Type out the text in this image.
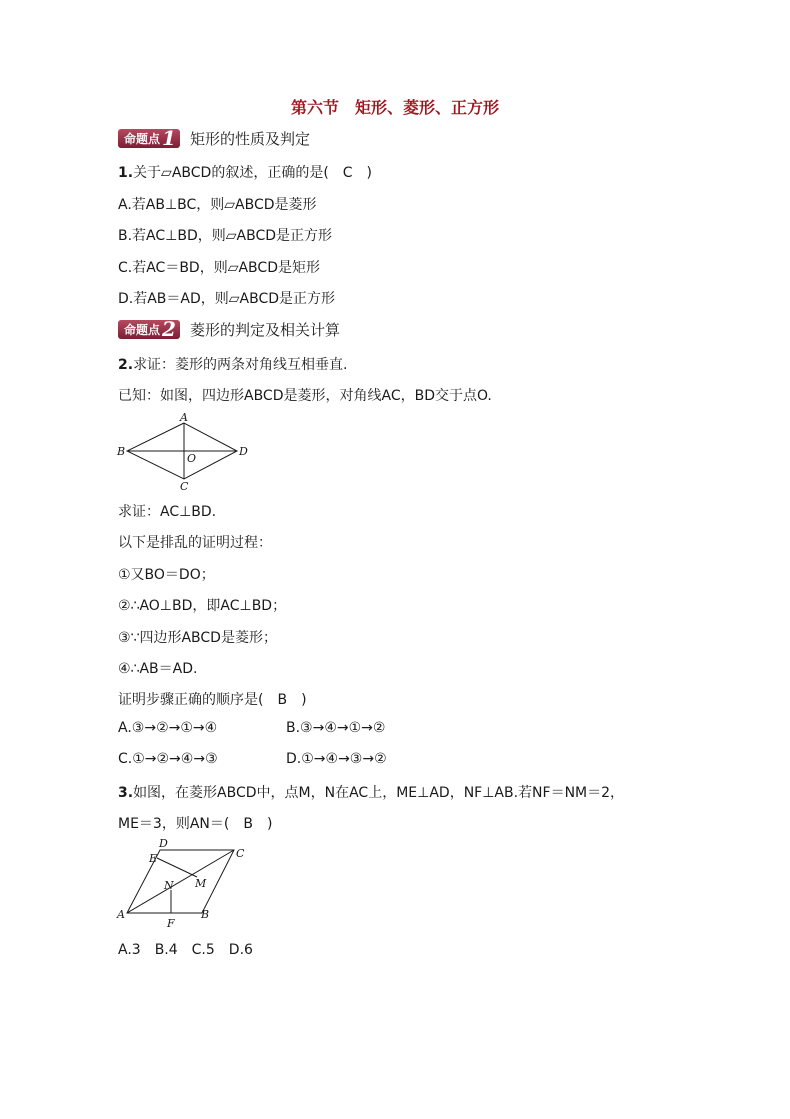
第六节　矩形、菱形、正方形
命题点 1 矩形的性质及判定
1.关于▱ABCD的叙述，正确的是(　C　)
A.若AB⊥BC，则▱ABCD是菱形
B.若AC⊥BD，则▱ABCD是正方形
C.若AC＝BD，则▱ABCD是矩形
D.若AB＝AD，则▱ABCD是正方形
命题点 2 菱形的判定及相关计算
2.求证：菱形的两条对角线互相垂直.
已知：如图，四边形ABCD是菱形，对角线AC，BD交于点O.
A
B
C
D
O
求证：AC⊥BD.
以下是排乱的证明过程：
①又BO＝DO；
②∴AO⊥BD，即AC⊥BD；
③∵四边形ABCD是菱形；
④∴AB＝AD.
证明步骤正确的顺序是(　B　)
A.③→②→①→④	B.③→④→①→②
C.①→②→④→③	D.①→④→③→②
3.如图，在菱形ABCD中，点M，N在AC上，ME⊥AD，NF⊥AB.若NF＝NM＝2，
ME＝3，则AN＝(　B　)
D
E	C
N M
A
F
B
A.3　B.4　C.5　D.6
